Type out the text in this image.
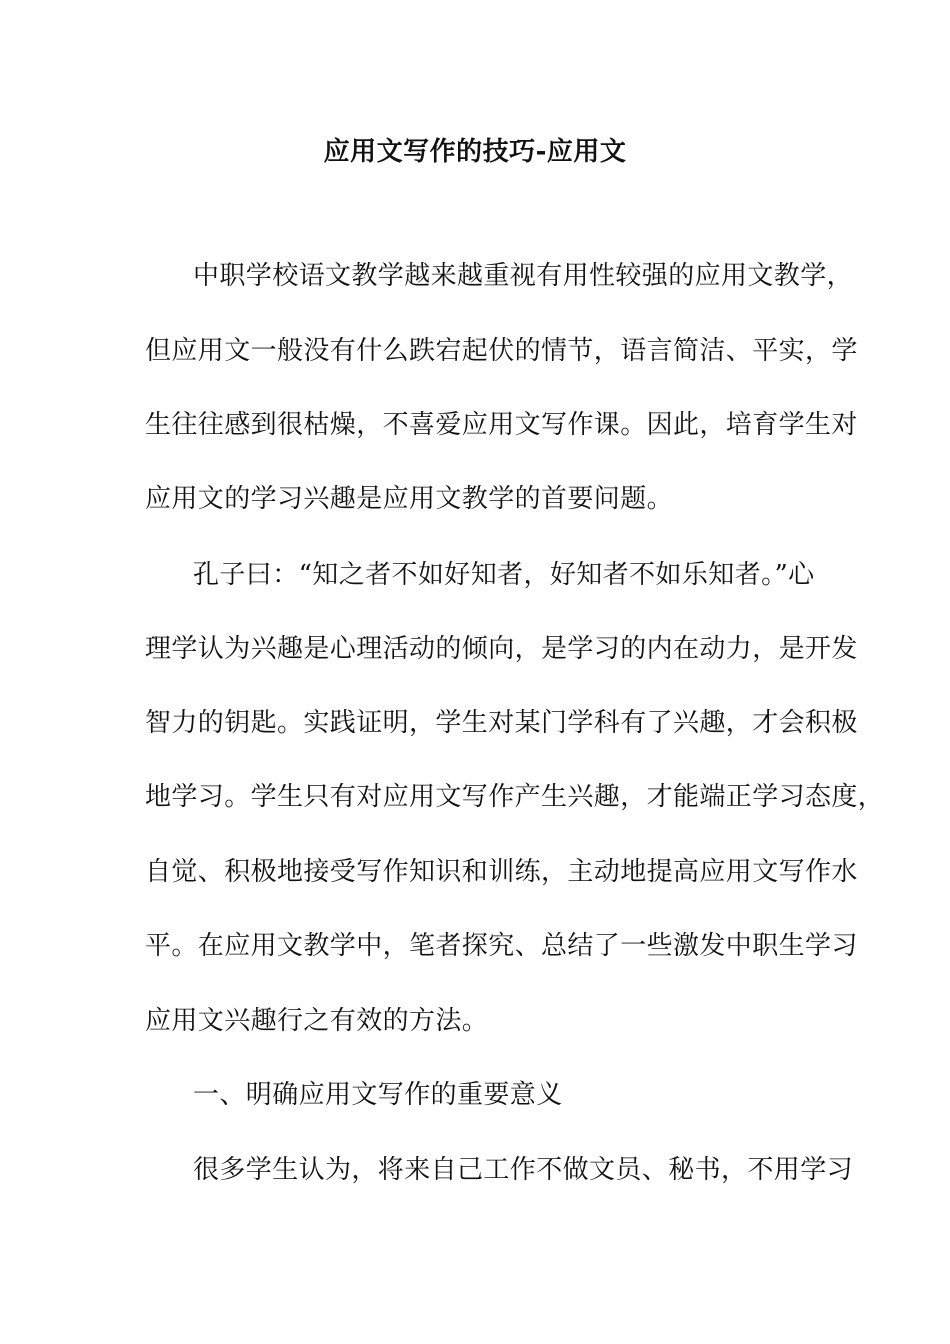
应用文写作的技巧-应用文
中职学校语文教学越来越重视有用性较强的应用文教学，
但应用文一般没有什么跌宕起伏的情节，语言简洁、平实，学
生往往感到很枯燥，不喜爱应用文写作课。因此，培育学生对
应用文的学习兴趣是应用文教学的首要问题。
孔子曰：“知之者不如好知者，好知者不如乐知者。”心
理学认为兴趣是心理活动的倾向，是学习的内在动力，是开发
智力的钥匙。实践证明，学生对某门学科有了兴趣，才会积极
地学习。学生只有对应用文写作产生兴趣，才能端正学习态度，
自觉、积极地接受写作知识和训练，主动地提高应用文写作水
平。在应用文教学中，笔者探究、总结了一些激发中职生学习
应用文兴趣行之有效的方法。
一、明确应用文写作的重要意义
很多学生认为，将来自己工作不做文员、秘书，不用学习
